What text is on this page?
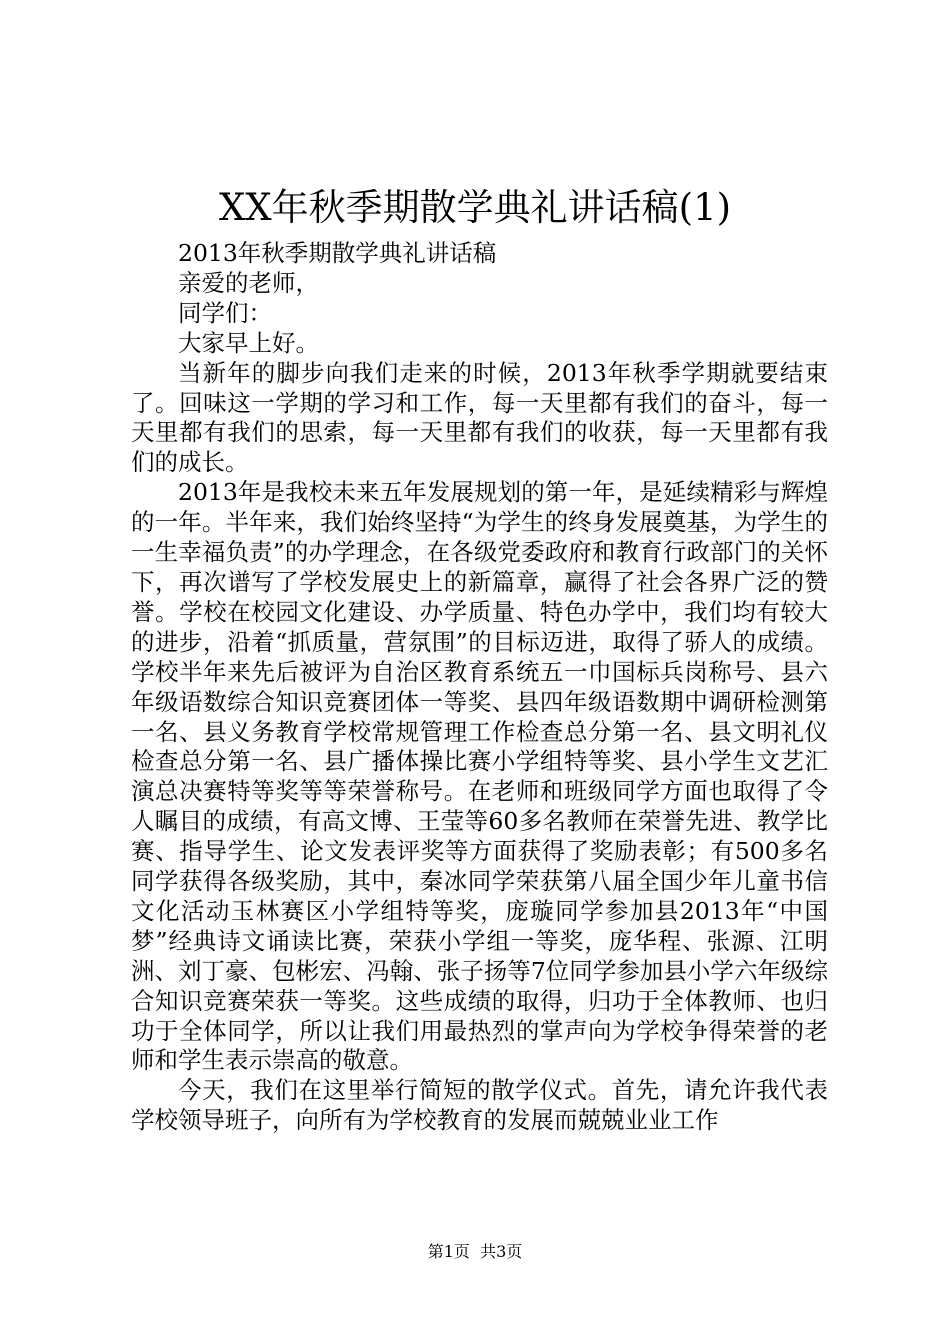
XX年秋季期散学典礼讲话稿(1)

2013年秋季期散学典礼讲话稿

亲爱的老师，

同学们：

大家早上好。

当新年的脚步向我们走来的时候，2013年秋季学期就要结束了。回味这一学期的学习和工作，每一天里都有我们的奋斗，每一天里都有我们的思索，每一天里都有我们的收获，每一天里都有我们的成长。

2013年是我校未来五年发展规划的第一年，是延续精彩与辉煌的一年。半年来，我们始终坚持“为学生的终身发展奠基，为学生的一生幸福负责”的办学理念，在各级党委政府和教育行政部门的关怀下，再次谱写了学校发展史上的新篇章，赢得了社会各界广泛的赞誉。学校在校园文化建设、办学质量、特色办学中，我们均有较大的进步，沿着“抓质量，营氛围”的目标迈进，取得了骄人的成绩。学校半年来先后被评为自治区教育系统五一巾国标兵岗称号、县六年级语数综合知识竞赛团体一等奖、县四年级语数期中调研检测第一名、县义务教育学校常规管理工作检查总分第一名、县文明礼仪检查总分第一名、县广播体操比赛小学组特等奖、县小学生文艺汇演总决赛特等奖等等荣誉称号。在老师和班级同学方面也取得了令人瞩目的成绩，有高文博、王莹等60多名教师在荣誉先进、教学比赛、指导学生、论文发表评奖等方面获得了奖励表彰；有500多名同学获得各级奖励，其中，秦冰同学荣获第八届全国少年儿童书信文化活动玉林赛区小学组特等奖，庞璇同学参加县2013年“中国梦”经典诗文诵读比赛，荣获小学组一等奖，庞华程、张源、江明洲、刘丁豪、包彬宏、冯翰、张子扬等7位同学参加县小学六年级综合知识竞赛荣获一等奖。这些成绩的取得，归功于全体教师、也归功于全体同学，所以让我们用最热烈的掌声向为学校争得荣誉的老师和学生表示崇高的敬意。

今天，我们在这里举行简短的散学仪式。首先，请允许我代表学校领导班子，向所有为学校教育的发展而兢兢业业工作

第1页  共3页
